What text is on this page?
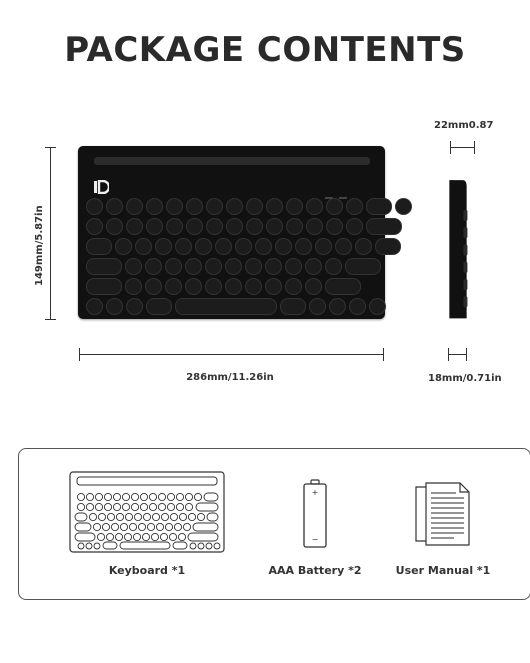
PACKAGE CONTENTS
149mm/5.87in
286mm/11.26in
22mm0.87
18mm/0.71in
+
−
Keyboard *1	AAA Battery *2	User Manual *1
